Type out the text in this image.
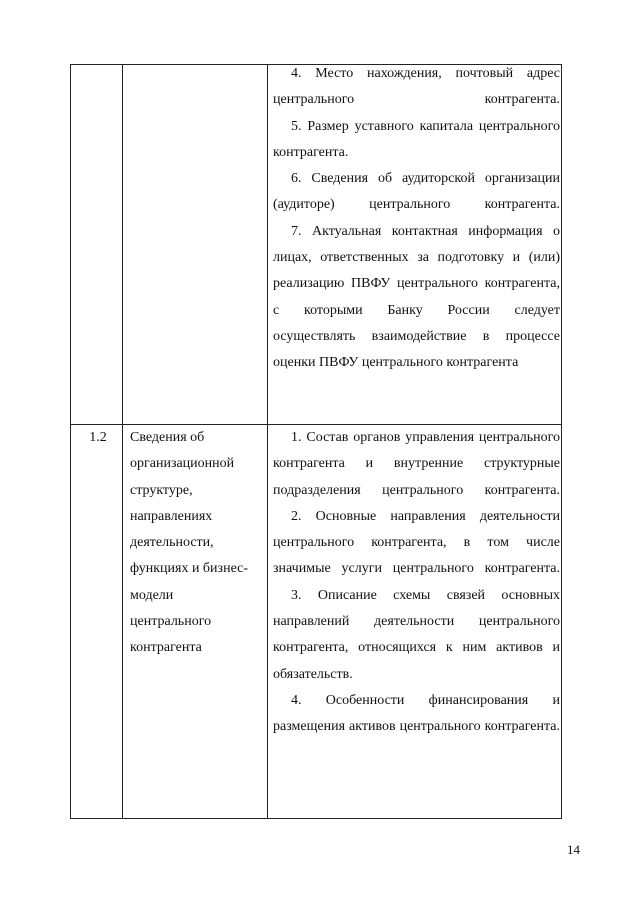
4. Место нахождения, почтовый адрес центрального контрагента.

5. Размер уставного капитала центрального контрагента.

6. Сведения об аудиторской организации (аудиторе) центрального контрагента.

7. Актуальная контактная информация о лицах, ответственных за подготовку и (или) реализацию ПВФУ центрального контрагента, с которыми Банку России следует осуществлять взаимодействие в процессе оценки ПВФУ центрального контрагента

1.2	Сведения об
организационной
структуре,
направлениях
деятельности,
функциях и бизнес-
модели
центрального
контрагента

1. Состав органов управления центрального контрагента и внутренние структурные подразделения центрального контрагента.

2. Основные направления деятельности центрального контрагента, в том числе значимые услуги центрального контрагента.

3. Описание схемы связей основных направлений деятельности центрального контрагента, относящихся к ним активов и обязательств.

4. Особенности финансирования и размещения активов центрального контрагента.

14
